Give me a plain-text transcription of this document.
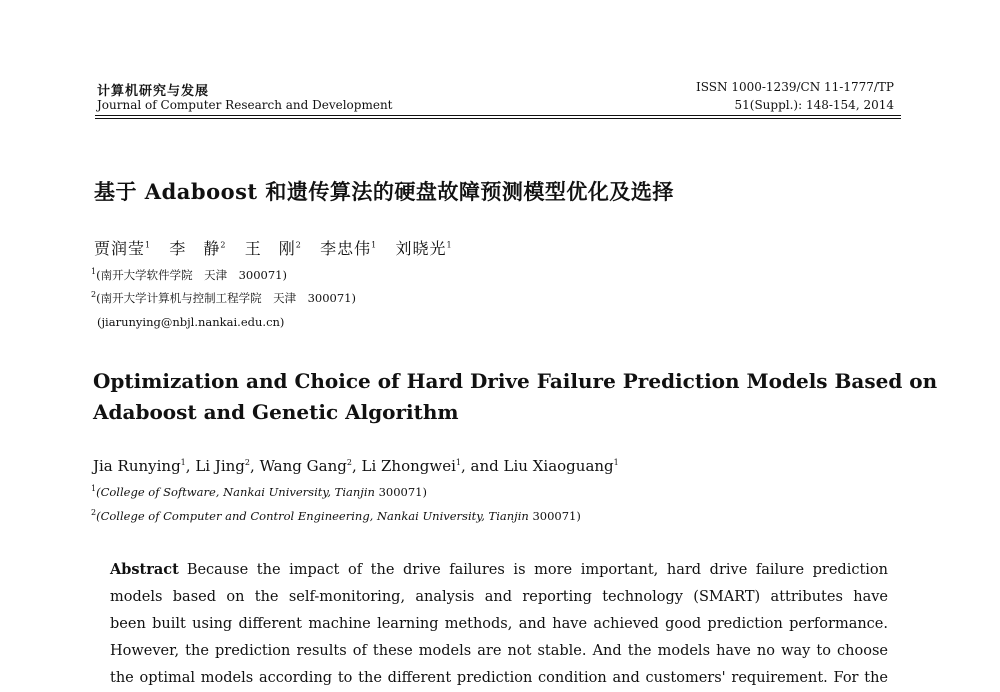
计算机研究与发展
Journal of Computer Research and Development
ISSN 1000-1239/CN 11-1777/TP
51(Suppl.): 148-154, 2014
基于 Adaboost 和遗传算法的硬盘故障预测模型优化及选择
贾润莹$^1$ 李　静$^2$ 王　刚$^2$ 李忠伟$^1$ 刘晓光$^1$
$^1$(南开大学软件学院　天津　300071)
$^2$(南开大学计算机与控制工程学院　天津　300071)
(jiarunying@nbjl.nankai.edu.cn)
Optimization and Choice of Hard Drive Failure Prediction Models Based on
Adaboost and Genetic Algorithm
Jia Runying$^1$, Li Jing$^2$, Wang Gang$^2$, Li Zhongwei$^1$, and Liu Xiaoguang$^1$
$^1$(College of Software, Nankai University, Tianjin 300071)
$^2$(College of Computer and Control Engineering, Nankai University, Tianjin 300071)
Abstract Because the impact of the drive failures is more important, hard drive failure prediction
models based on the self-monitoring, analysis and reporting technology (SMART) attributes have
been built using different machine learning methods, and have achieved good prediction performance.
However, the prediction results of these models are not stable. And the models have no way to choose
the optimal models according to the different prediction condition and customers' requirement. For the
